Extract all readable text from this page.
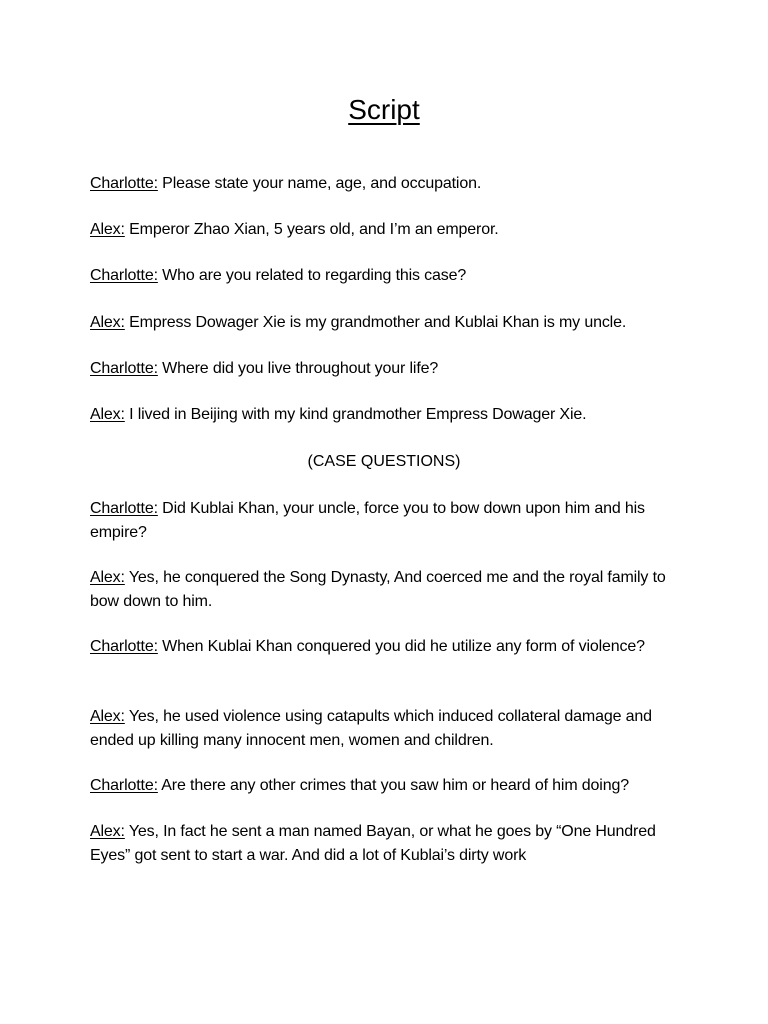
Script

Charlotte: Please state your name, age, and occupation.

Alex: Emperor Zhao Xian, 5 years old, and I’m an emperor.

Charlotte: Who are you related to regarding this case?

Alex: Empress Dowager Xie is my grandmother and Kublai Khan is my uncle.

Charlotte: Where did you live throughout your life?

Alex: I lived in Beijing with my kind grandmother Empress Dowager Xie.

(CASE QUESTIONS)

Charlotte: Did Kublai Khan, your uncle, force you to bow down upon him and his empire?

Alex: Yes, he conquered the Song Dynasty, And coerced me and the royal family to bow down to him.

Charlotte: When Kublai Khan conquered you did he utilize any form of violence?

Alex: Yes, he used violence using catapults which induced collateral damage and ended up killing many innocent men, women and children.

Charlotte: Are there any other crimes that you saw him or heard of him doing?

Alex: Yes, In fact he sent a man named Bayan, or what he goes by “One Hundred Eyes” got sent to start a war. And did a lot of Kublai’s dirty work
